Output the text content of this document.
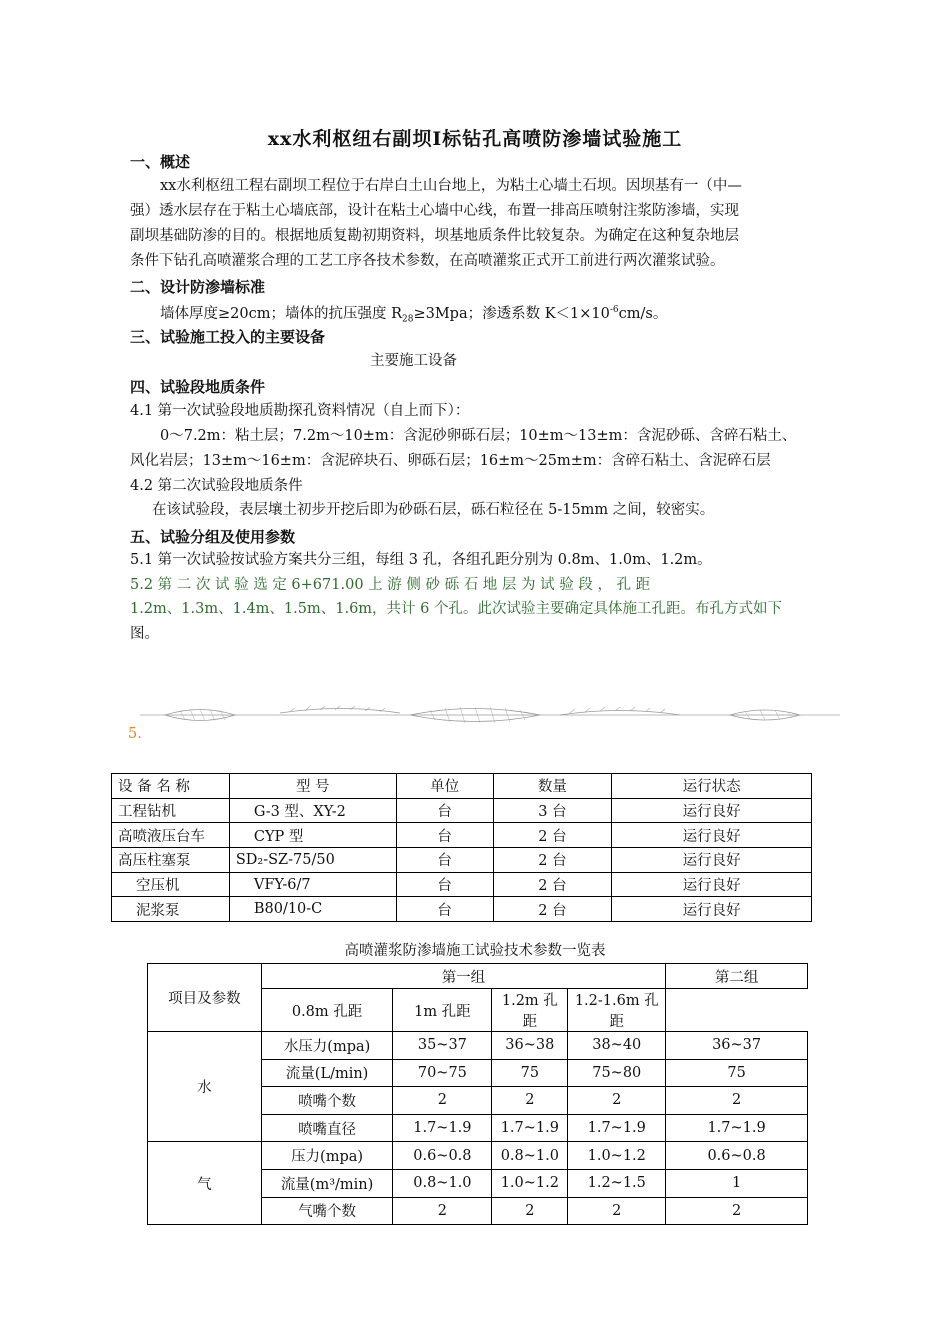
xx水利枢纽右副坝Ⅰ标钻孔高喷防渗墙试验施工
一、概述
xx水利枢纽工程右副坝工程位于右岸白土山台地上，为粘土心墙土石坝。因坝基有一（中—
强）透水层存在于粘土心墙底部，设计在粘土心墙中心线，布置一排高压喷射注浆防渗墙，实现
副坝基础防渗的目的。根据地质复勘初期资料，坝基地质条件比较复杂。为确定在这种复杂地层
条件下钻孔高喷灌浆合理的工艺工序各技术参数，在高喷灌浆正式开工前进行两次灌浆试验。
二、设计防渗墙标准
墙体厚度≥20cm；墙体的抗压强度 $R_{28}\ge 3Mpa$；渗透系数 $K<1\times 10^{-6}cm/s$。
三、试验施工投入的主要设备
主要施工设备
四、试验段地质条件
4.1 第一次试验段地质勘探孔资料情况（自上而下）：
0～7.2m：粘土层；7.2m～10±m：含泥砂卵砾石层；10±m～13±m：含泥砂砾、含碎石粘土、
风化岩层；13±m～16±m：含泥碎块石、卵砾石层；16±m～25m±m：含碎石粘土、含泥碎石层
4.2 第二次试验段地质条件
在该试验段，表层壤土初步开挖后即为砂砾石层，砾石粒径在 5-15mm 之间，较密实。
五、试验分组及使用参数
5.1 第一次试验按试验方案共分三组，每组 3 孔，各组孔距分别为 0.8m、1.0m、1.2m。
5.2 第 二 次 试 验 选 定 6+671.00 上 游 侧 砂 砾 石 地 层 为 试 验 段 ， 孔 距
1.2m、1.3m、1.4m、1.5m、1.6m，共计 6 个孔。此次试验主要确定具体施工孔距。布孔方式如下
图。
5.
设 备 名 称	型 号	单位	数量	运行状态
工程钻机	G-3 型、XY-2	台	3 台	运行良好
高喷液压台车	CYP 型	台	2 台	运行良好
高压柱塞泵	SD₂-SZ-75/50	台	2 台	运行良好
空压机	VFY-6/7	台	2 台	运行良好
泥浆泵	B80/10-C	台	2 台	运行良好
高喷灌浆防渗墙施工试验技术参数一览表
项目及参数	第一组				第二组
	0.8m 孔距	1m 孔距	1.2m 孔距	1.2-1.6m 孔距	
水	水压力(mpa)	35~37	36~38	38~40	36~37
	流量(L/min)	70~75	75	75~80	75
	喷嘴个数	2	2	2	2
	喷嘴直径	1.7~1.9	1.7~1.9	1.7~1.9	1.7~1.9
气	压力(mpa)	0.6~0.8	0.8~1.0	1.0~1.2	0.6~0.8
	流量(m³/min)	0.8~1.0	1.0~1.2	1.2~1.5	1
	气嘴个数	2	2	2	2
